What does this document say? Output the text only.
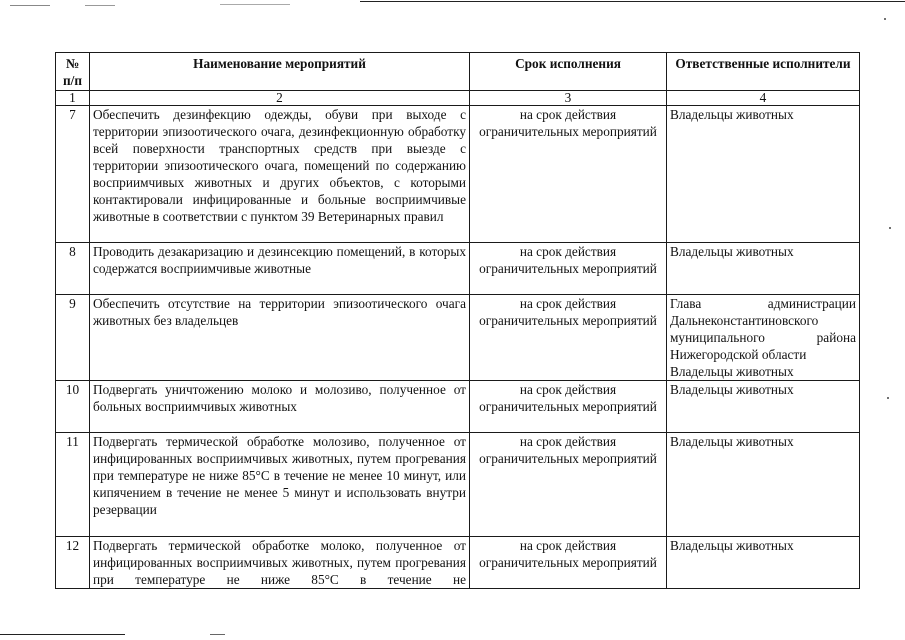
№ п/п	Наименование мероприятий	Срок исполнения	Ответственные исполнители
1	2	3	4
7	Обеспечить дезинфекцию одежды, обуви при выходе с территории эпизоотического очага, дезинфекционную обработку всей поверхности транспортных средств при выезде с территории эпизоотического очага, помещений по содержанию восприимчивых животных и других объектов, с которыми контактировали инфицированные и больные восприимчивые животные в соответствии с пунктом 39 Ветеринарных правил	на срок действия ограничительных мероприятий	Владельцы животных

8	Проводить дезакаризацию и дезинсекцию помещений, в которых содержатся восприимчивые животные	на срок действия ограничительных мероприятий	Владельцы животных

9	Обеспечить отсутствие на территории эпизоотического очага животных без владельцев	на срок действия ограничительных мероприятий	Глава администрации Дальнеконстантиновского муниципального района Нижегородской области
Владельцы животных

10	Подвергать уничтожению молоко и молозиво, полученное от больных восприимчивых животных	на срок действия ограничительных мероприятий	Владельцы животных

11	Подвергать термической обработке молозиво, полученное от инфицированных восприимчивых животных, путем прогревания при температуре не ниже 85°С в течение не менее 10 минут, или кипячением в течение не менее 5 минут и использовать внутри резервации	на срок действия ограничительных мероприятий	Владельцы животных

12	Подвергать термической обработке молоко, полученное от инфицированных восприимчивых животных, путем прогревания при температуре не ниже 85°С в течение не	на срок действия ограничительных мероприятий	Владельцы животных
